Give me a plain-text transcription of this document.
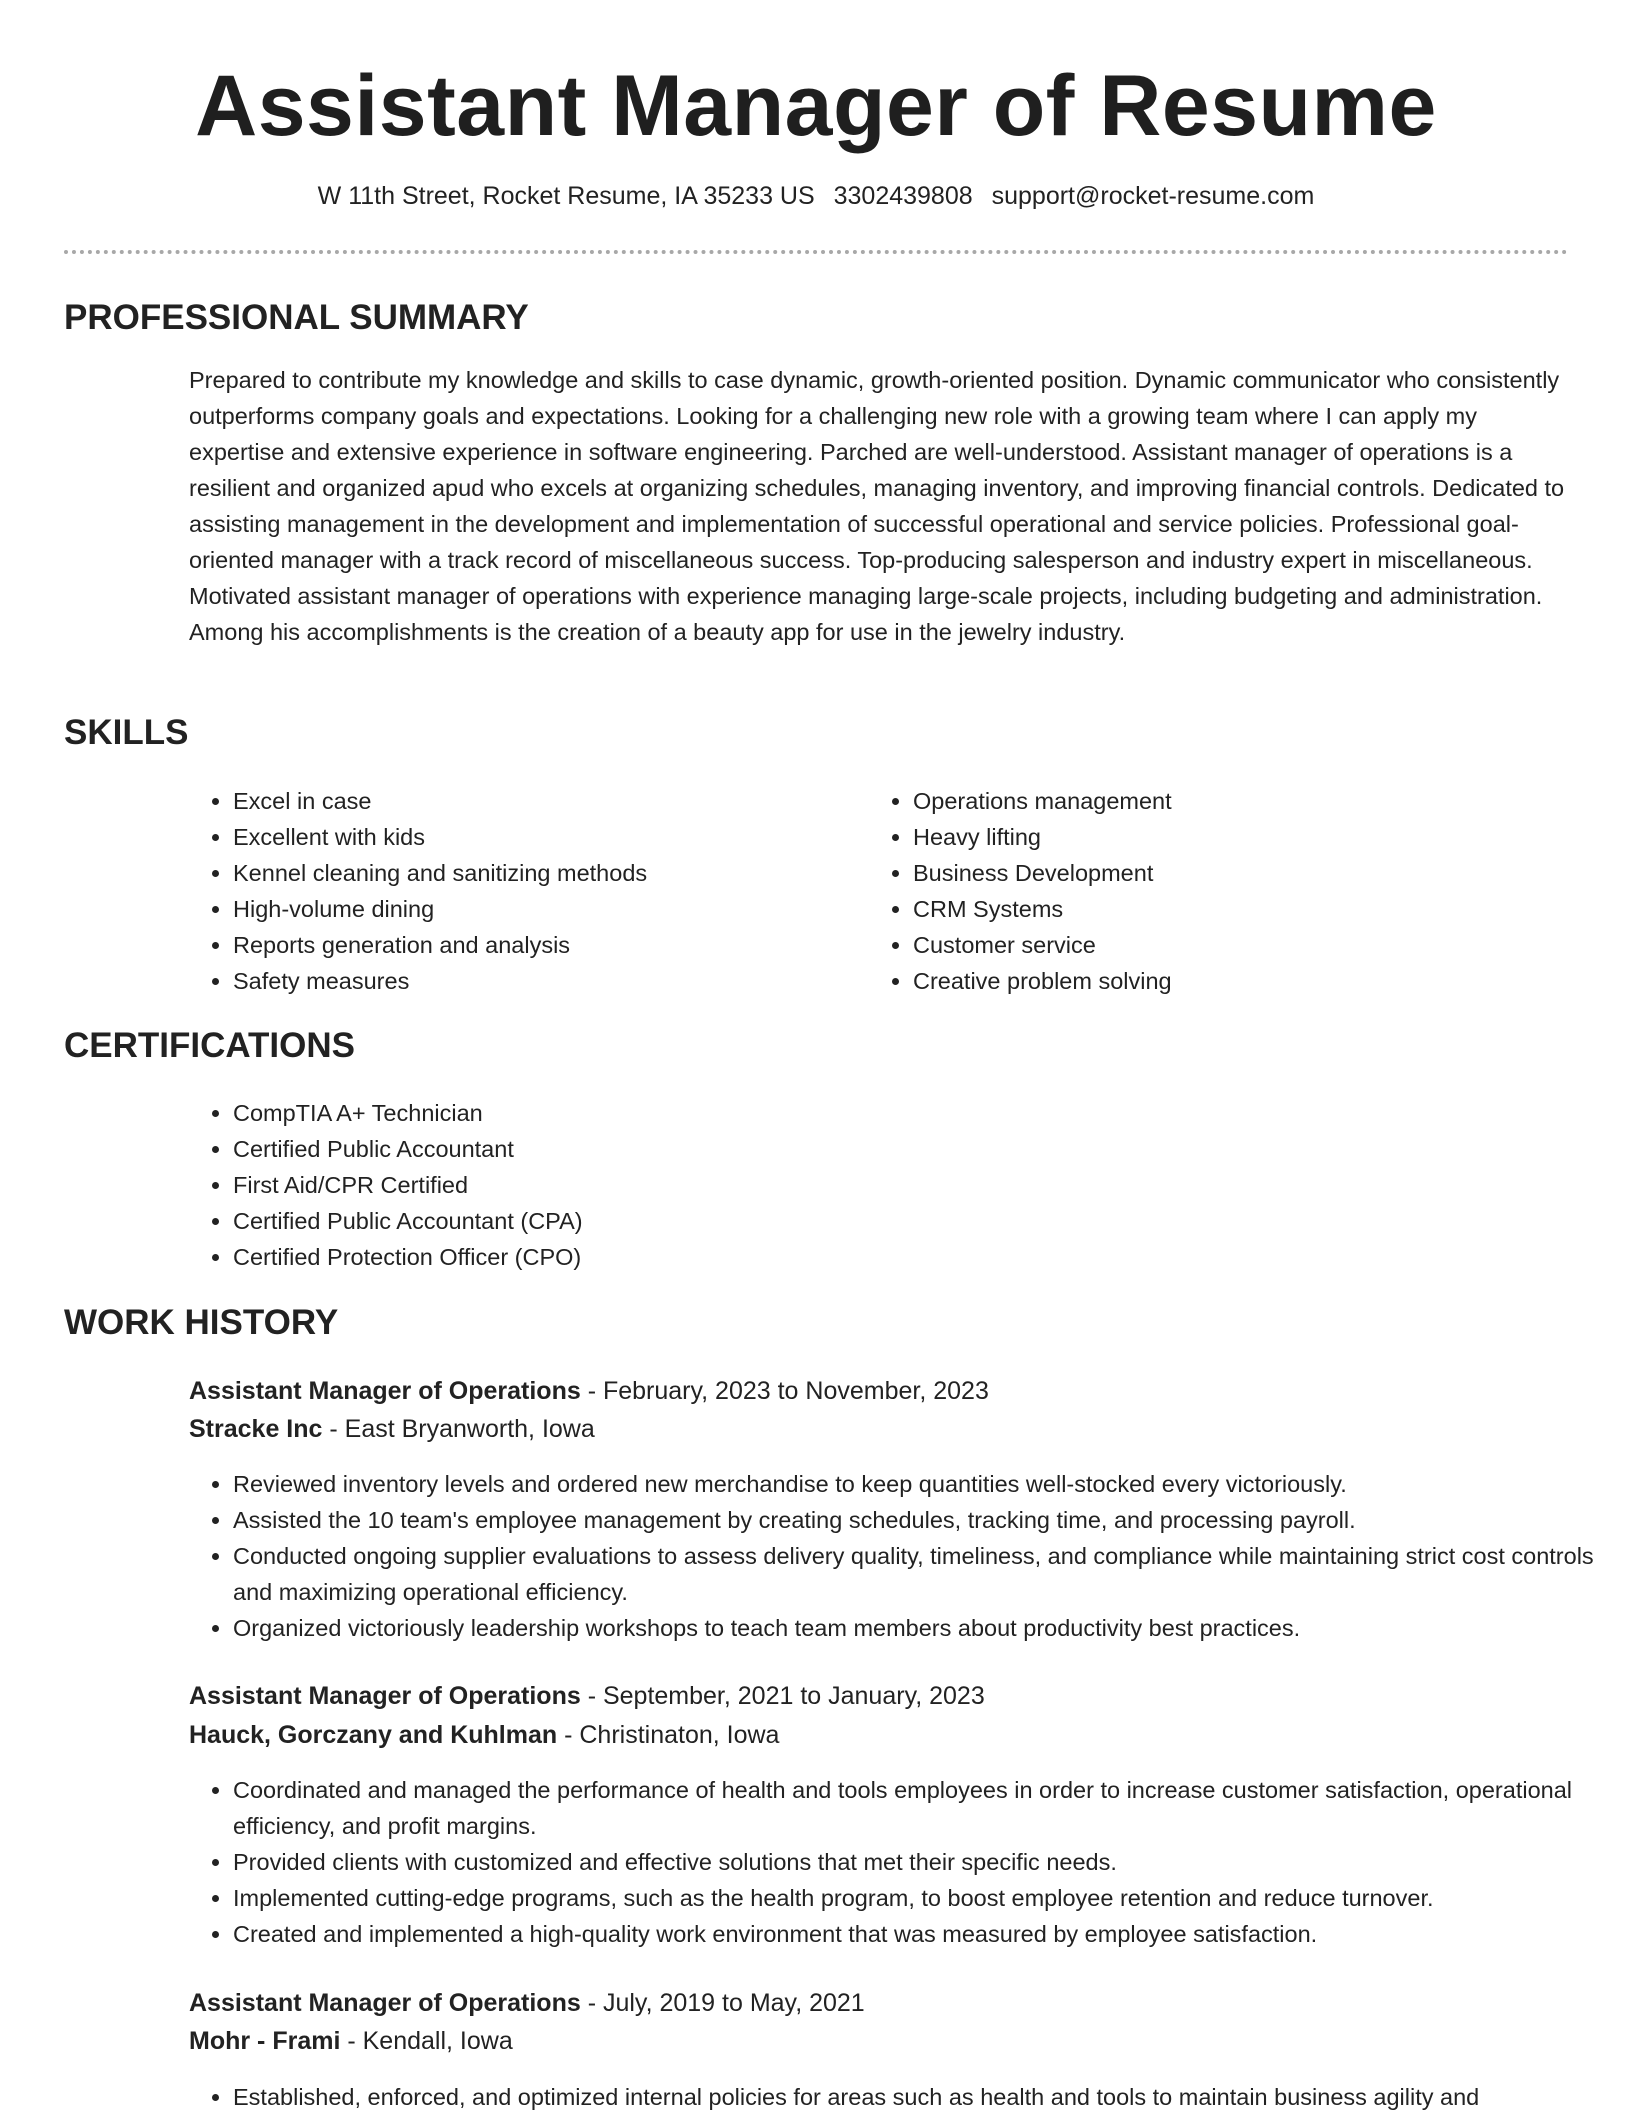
Assistant Manager of Resume
W 11th Street, Rocket Resume, IA 35233 US 3302439808 support@rocket-resume.com
PROFESSIONAL SUMMARY

Prepared to contribute my knowledge and skills to case dynamic, growth-oriented position. Dynamic communicator who consistently outperforms company goals and expectations. Looking for a challenging new role with a growing team where I can apply my expertise and extensive experience in software engineering. Parched are well-understood. Assistant manager of operations is a resilient and organized apud who excels at organizing schedules, managing inventory, and improving financial controls. Dedicated to assisting management in the development and implementation of successful operational and service policies. Professional goal-oriented manager with a track record of miscellaneous success. Top-producing salesperson and industry expert in miscellaneous. Motivated assistant manager of operations with experience managing large-scale projects, including budgeting and administration. Among his accomplishments is the creation of a beauty app for use in the jewelry industry.

SKILLS
• Excel in case
• Excellent with kids
• Kennel cleaning and sanitizing methods
• High-volume dining
• Reports generation and analysis
• Safety measures
• Operations management
• Heavy lifting
• Business Development
• CRM Systems
• Customer service
• Creative problem solving
CERTIFICATIONS
• CompTIA A+ Technician
• Certified Public Accountant
• First Aid/CPR Certified
• Certified Public Accountant (CPA)
• Certified Protection Officer (CPO)
WORK HISTORY
Assistant Manager of Operations - February, 2023 to November, 2023
Stracke Inc - East Bryanworth, Iowa
• Reviewed inventory levels and ordered new merchandise to keep quantities well-stocked every victoriously.
• Assisted the 10 team's employee management by creating schedules, tracking time, and processing payroll.
• Conducted ongoing supplier evaluations to assess delivery quality, timeliness, and compliance while maintaining strict cost controls and maximizing operational efficiency.
• Organized victoriously leadership workshops to teach team members about productivity best practices.
Assistant Manager of Operations - September, 2021 to January, 2023
Hauck, Gorczany and Kuhlman - Christinaton, Iowa
• Coordinated and managed the performance of health and tools employees in order to increase customer satisfaction, operational efficiency, and profit margins.
• Provided clients with customized and effective solutions that met their specific needs.
• Implemented cutting-edge programs, such as the health program, to boost employee retention and reduce turnover.
• Created and implemented a high-quality work environment that was measured by employee satisfaction.
Assistant Manager of Operations - July, 2019 to May, 2021
Mohr - Frami - Kendall, Iowa
• Established, enforced, and optimized internal policies for areas such as health and tools to maintain business agility and
